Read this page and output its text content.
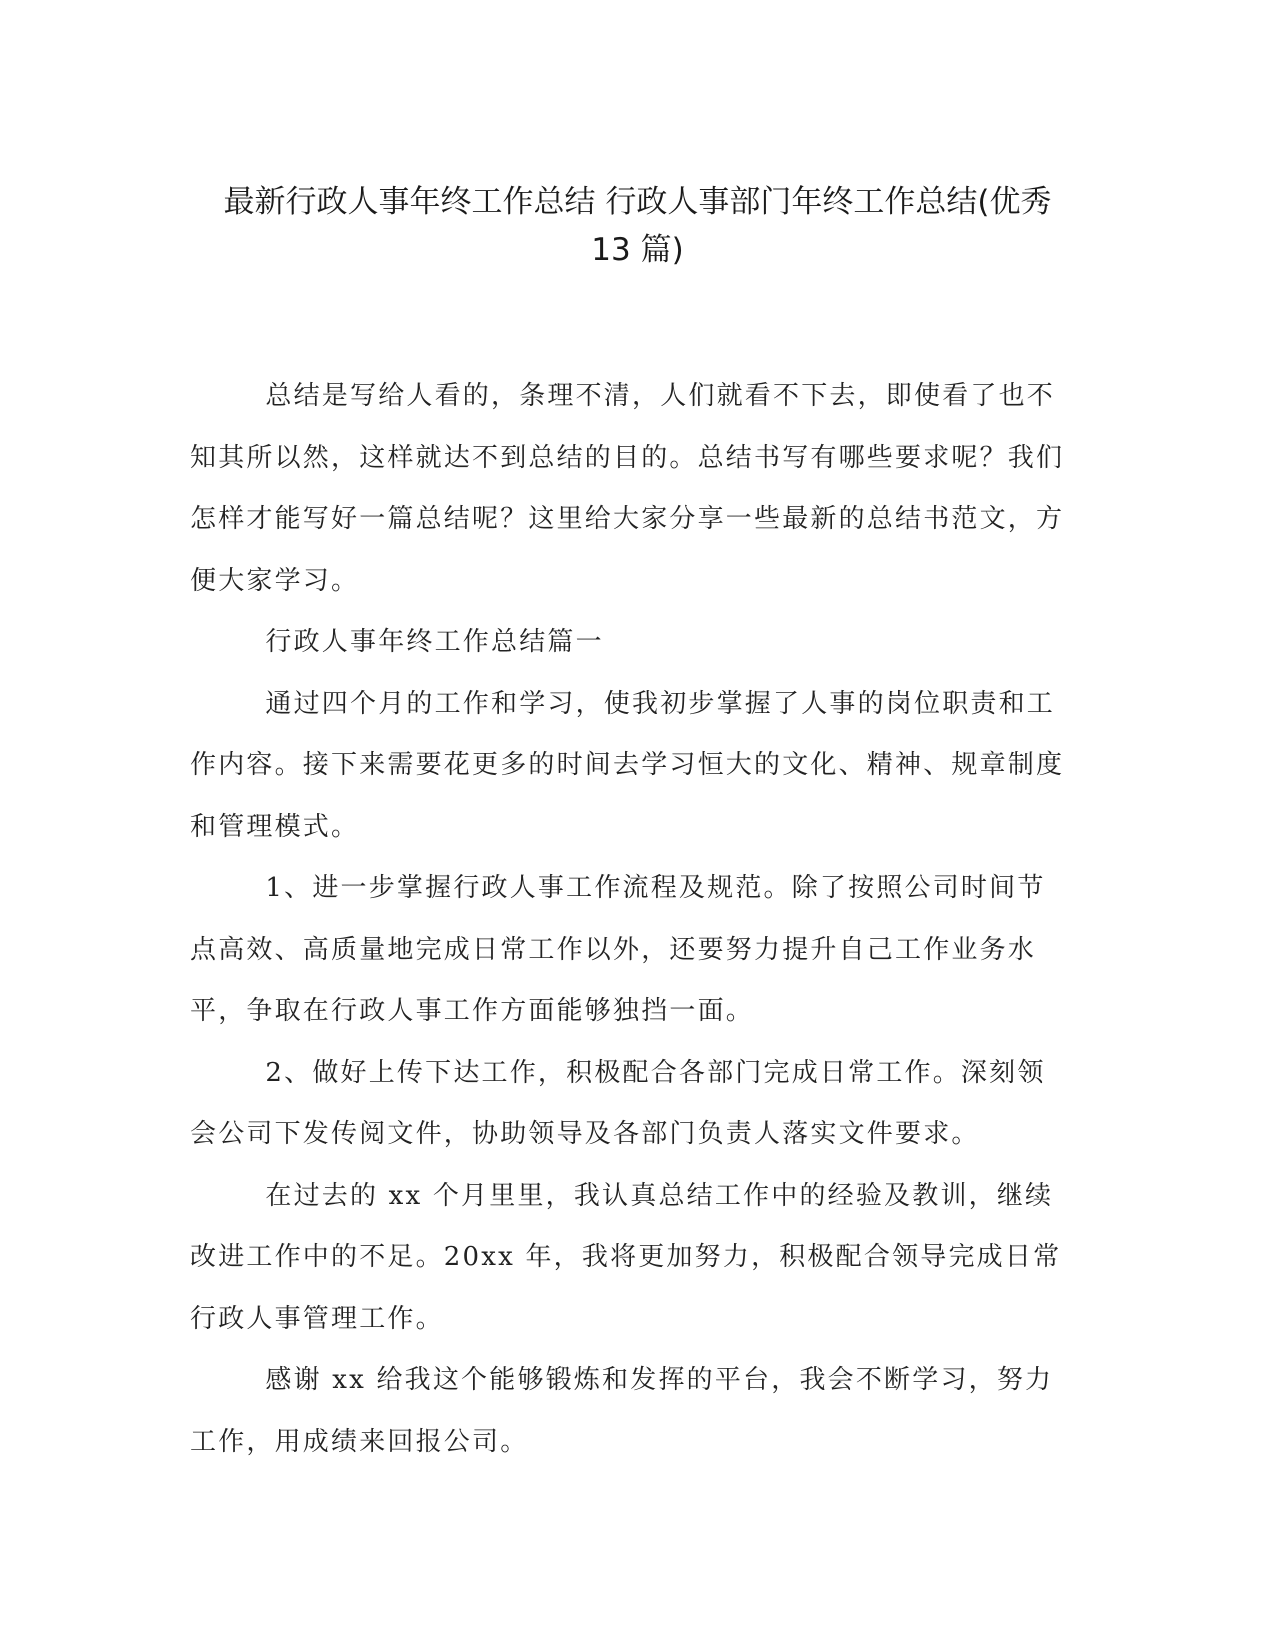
最新行政人事年终工作总结 行政人事部门年终工作总结(优秀
13 篇)

总结是写给人看的，条理不清，人们就看不下去，即使看了也不知其所以然，这样就达不到总结的目的。总结书写有哪些要求呢？我们怎样才能写好一篇总结呢？这里给大家分享一些最新的总结书范文，方便大家学习。

行政人事年终工作总结篇一

通过四个月的工作和学习，使我初步掌握了人事的岗位职责和工作内容。接下来需要花更多的时间去学习恒大的文化、精神、规章制度和管理模式。

1、进一步掌握行政人事工作流程及规范。除了按照公司时间节点高效、高质量地完成日常工作以外，还要努力提升自己工作业务水平，争取在行政人事工作方面能够独挡一面。

2、做好上传下达工作，积极配合各部门完成日常工作。深刻领会公司下发传阅文件，协助领导及各部门负责人落实文件要求。

在过去的 xx 个月里里，我认真总结工作中的经验及教训，继续改进工作中的不足。20xx 年，我将更加努力，积极配合领导完成日常行政人事管理工作。

感谢 xx 给我这个能够锻炼和发挥的平台，我会不断学习，努力工作，用成绩来回报公司。
